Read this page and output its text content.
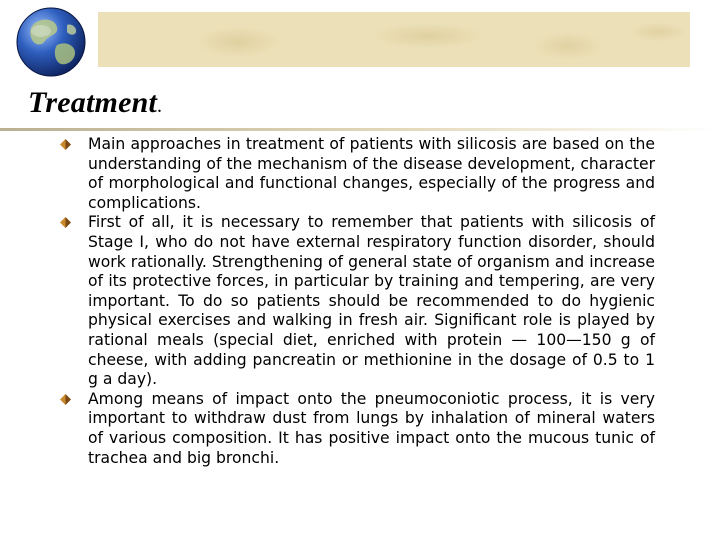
Treatment.
Main approaches in treatment of patients with silicosis are based on the understanding of the mechanism of the disease development, character of morphological and functional changes, especially of the progress and complications.
First of all, it is necessary to remember that patients with silicosis of Stage I, who do not have external respiratory function disorder, should work rationally. Strengthening of general state of organism and increase of its protective forces, in particular by training and tempering, are very important. To do so patients should be recommended to do hygienic physical exercises and walking in fresh air. Significant role is played by rational meals (special diet, enriched with protein — 100—150 g of cheese, with adding pancreatin or methionine in the dosage of 0.5 to 1 g a day).
Among means of impact onto the pneumoconiotic process, it is very important to withdraw dust from lungs by inhalation of mineral waters of various composition. It has positive impact onto the mucous tunic of trachea and big bronchi.
